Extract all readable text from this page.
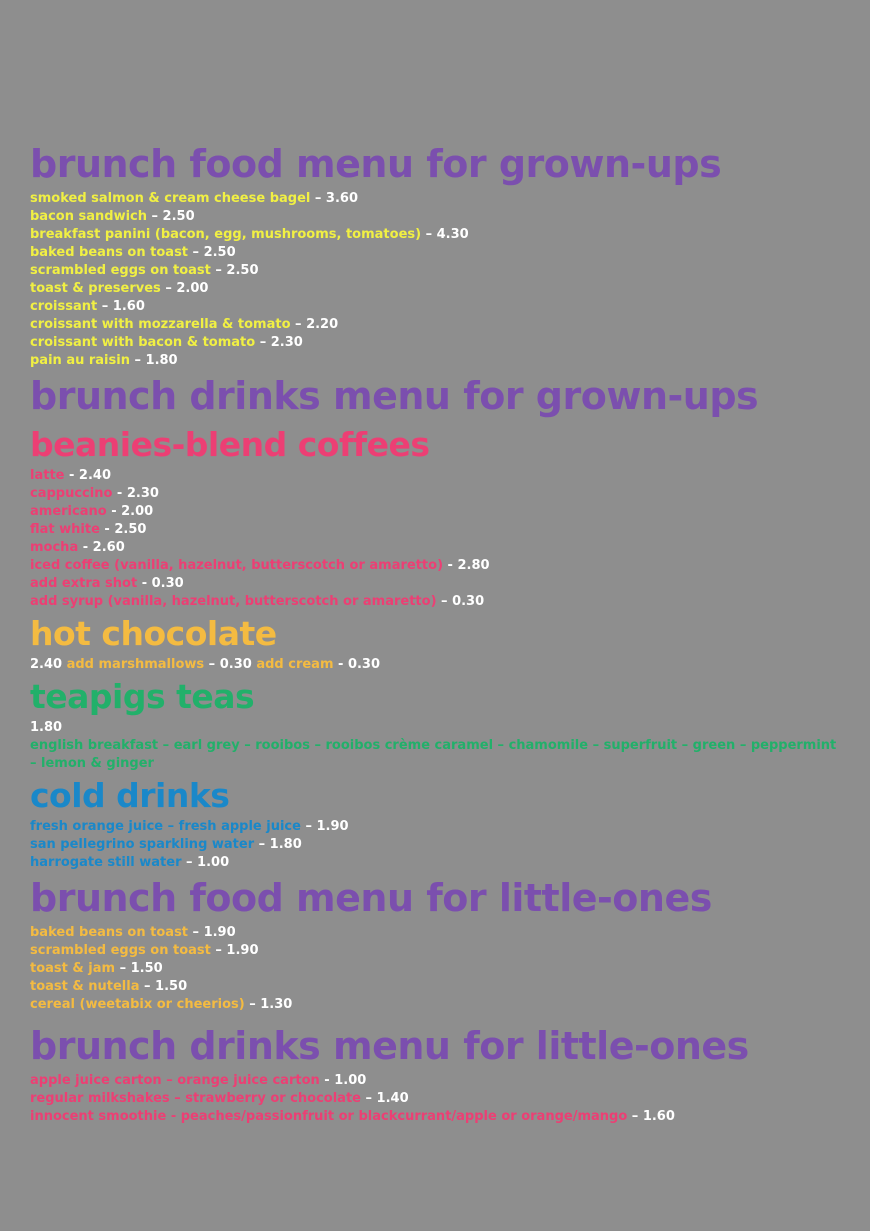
brunch food menu for grown-ups
smoked salmon & cream cheese bagel – 3.60
bacon sandwich – 2.50
breakfast panini (bacon, egg, mushrooms, tomatoes) – 4.30
baked beans on toast – 2.50
scrambled eggs on toast – 2.50
toast & preserves – 2.00
croissant – 1.60
croissant with mozzarella & tomato – 2.20
croissant with bacon & tomato – 2.30
pain au raisin – 1.80
brunch drinks menu for grown-ups
beanies-blend coffees
latte - 2.40
cappuccino - 2.30
americano - 2.00
flat white - 2.50
mocha - 2.60
iced coffee (vanilla, hazelnut, butterscotch or amaretto) - 2.80
add extra shot - 0.30
add syrup (vanilla, hazelnut, butterscotch or amaretto) – 0.30
hot chocolate
2.40 add marshmallows – 0.30 add cream - 0.30
teapigs teas
1.80
english breakfast – earl grey – rooibos – rooibos crème caramel – chamomile – superfruit – green – peppermint – lemon & ginger
cold drinks
fresh orange juice – fresh apple juice – 1.90
san pellegrino sparkling water – 1.80
harrogate still water – 1.00
brunch food menu for little-ones
baked beans on toast – 1.90
scrambled eggs on toast – 1.90
toast & jam – 1.50
toast & nutella – 1.50
cereal (weetabix or cheerios) – 1.30
brunch drinks menu for little-ones
apple juice carton – orange juice carton - 1.00
regular milkshakes – strawberry or chocolate – 1.40
innocent smoothie - peaches/passionfruit or blackcurrant/apple or orange/mango – 1.60
